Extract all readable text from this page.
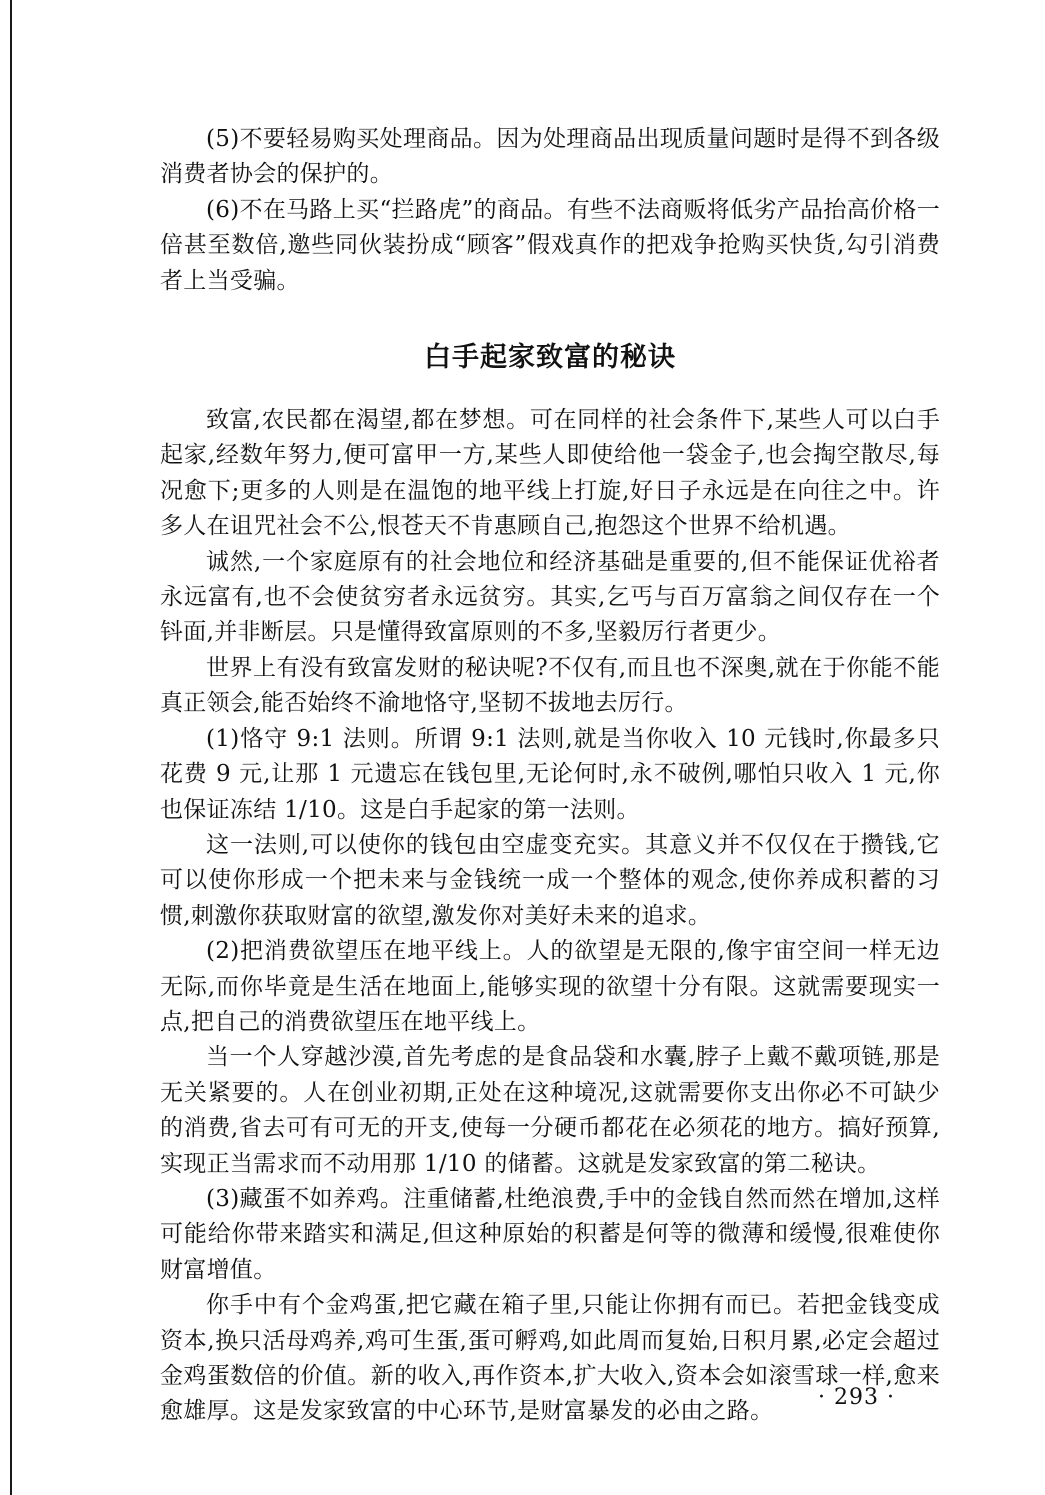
(5)不要轻易购买处理商品。因为处理商品出现质量问题时是得不到各级消费者协会的保护的。

(6)不在马路上买“拦路虎”的商品。有些不法商贩将低劣产品抬高价格一倍甚至数倍,邀些同伙装扮成“顾客”假戏真作的把戏争抢购买快货,勾引消费者上当受骗。

白手起家致富的秘诀

致富,农民都在渴望,都在梦想。可在同样的社会条件下,某些人可以白手起家,经数年努力,便可富甲一方,某些人即使给他一袋金子,也会掏空散尽,每况愈下;更多的人则是在温饱的地平线上打旋,好日子永远是在向往之中。许多人在诅咒社会不公,恨苍天不肯惠顾自己,抱怨这个世界不给机遇。

诚然,一个家庭原有的社会地位和经济基础是重要的,但不能保证优裕者永远富有,也不会使贫穷者永远贫穷。其实,乞丐与百万富翁之间仅存在一个钭面,并非断层。只是懂得致富原则的不多,坚毅厉行者更少。

世界上有没有致富发财的秘诀呢?不仅有,而且也不深奥,就在于你能不能真正领会,能否始终不渝地恪守,坚韧不拔地去厉行。

(1)恪守 9:1 法则。所谓 9:1 法则,就是当你收入 10 元钱时,你最多只花费 9 元,让那 1 元遗忘在钱包里,无论何时,永不破例,哪怕只收入 1 元,你也保证冻结 1/10。这是白手起家的第一法则。

这一法则,可以使你的钱包由空虚变充实。其意义并不仅仅在于攒钱,它可以使你形成一个把未来与金钱统一成一个整体的观念,使你养成积蓄的习惯,刺激你获取财富的欲望,激发你对美好未来的追求。

(2)把消费欲望压在地平线上。人的欲望是无限的,像宇宙空间一样无边无际,而你毕竟是生活在地面上,能够实现的欲望十分有限。这就需要现实一点,把自己的消费欲望压在地平线上。

当一个人穿越沙漠,首先考虑的是食品袋和水囊,脖子上戴不戴项链,那是无关紧要的。人在创业初期,正处在这种境况,这就需要你支出你必不可缺少的消费,省去可有可无的开支,使每一分硬币都花在必须花的地方。搞好预算,实现正当需求而不动用那 1/10 的储蓄。这就是发家致富的第二秘诀。

(3)藏蛋不如养鸡。注重储蓄,杜绝浪费,手中的金钱自然而然在增加,这样可能给你带来踏实和满足,但这种原始的积蓄是何等的微薄和缓慢,很难使你财富增值。

你手中有个金鸡蛋,把它藏在箱子里,只能让你拥有而已。若把金钱变成资本,换只活母鸡养,鸡可生蛋,蛋可孵鸡,如此周而复始,日积月累,必定会超过金鸡蛋数倍的价值。新的收入,再作资本,扩大收入,资本会如滚雪球一样,愈来愈雄厚。这是发家致富的中心环节,是财富暴发的必由之路。

· 293 ·
